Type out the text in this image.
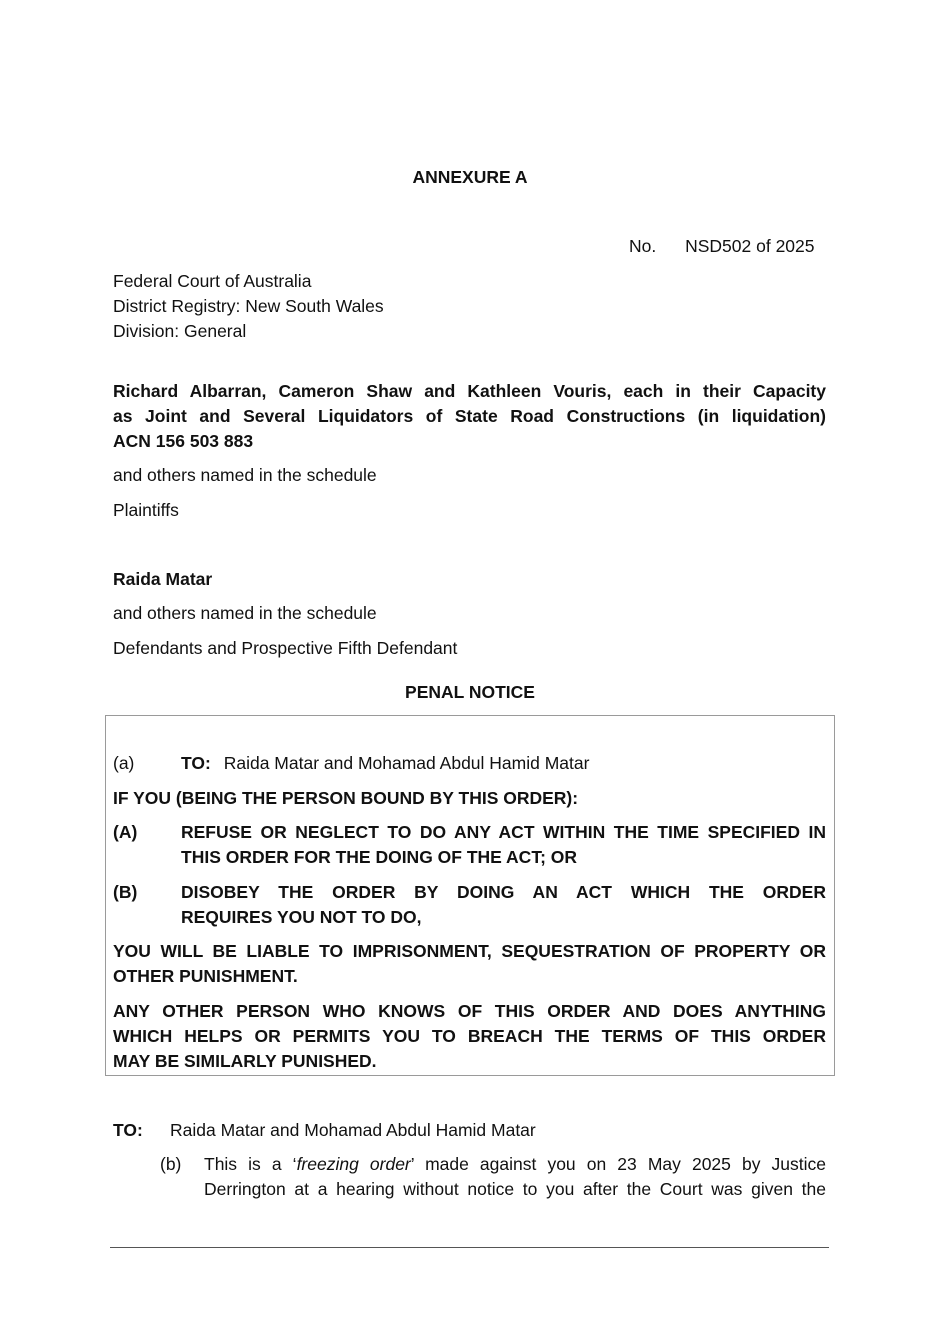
ANNEXURE A
No. NSD502 of 2025
Federal Court of Australia
District Registry: New South Wales
Division: General
Richard Albarran, Cameron Shaw and Kathleen Vouris, each in their Capacity
as Joint and Several Liquidators of State Road Constructions (in liquidation)
ACN 156 503 883
and others named in the schedule
Plaintiffs
Raida Matar
and others named in the schedule
Defendants and Prospective Fifth Defendant
PENAL NOTICE
(a)	TO: Raida Matar and Mohamad Abdul Hamid Matar
IF YOU (BEING THE PERSON BOUND BY THIS ORDER):
(A) REFUSE OR NEGLECT TO DO ANY ACT WITHIN THE TIME SPECIFIED IN
THIS ORDER FOR THE DOING OF THE ACT; OR
(B) DISOBEY THE ORDER BY DOING AN ACT WHICH THE ORDER
REQUIRES YOU NOT TO DO,
YOU WILL BE LIABLE TO IMPRISONMENT, SEQUESTRATION OF PROPERTY OR
OTHER PUNISHMENT.
ANY OTHER PERSON WHO KNOWS OF THIS ORDER AND DOES ANYTHING
WHICH HELPS OR PERMITS YOU TO BREACH THE TERMS OF THIS ORDER
MAY BE SIMILARLY PUNISHED.
TO: Raida Matar and Mohamad Abdul Hamid Matar
(b) This is a ‘freezing order’ made against you on 23 May 2025 by Justice
Derrington at a hearing without notice to you after the Court was given the
